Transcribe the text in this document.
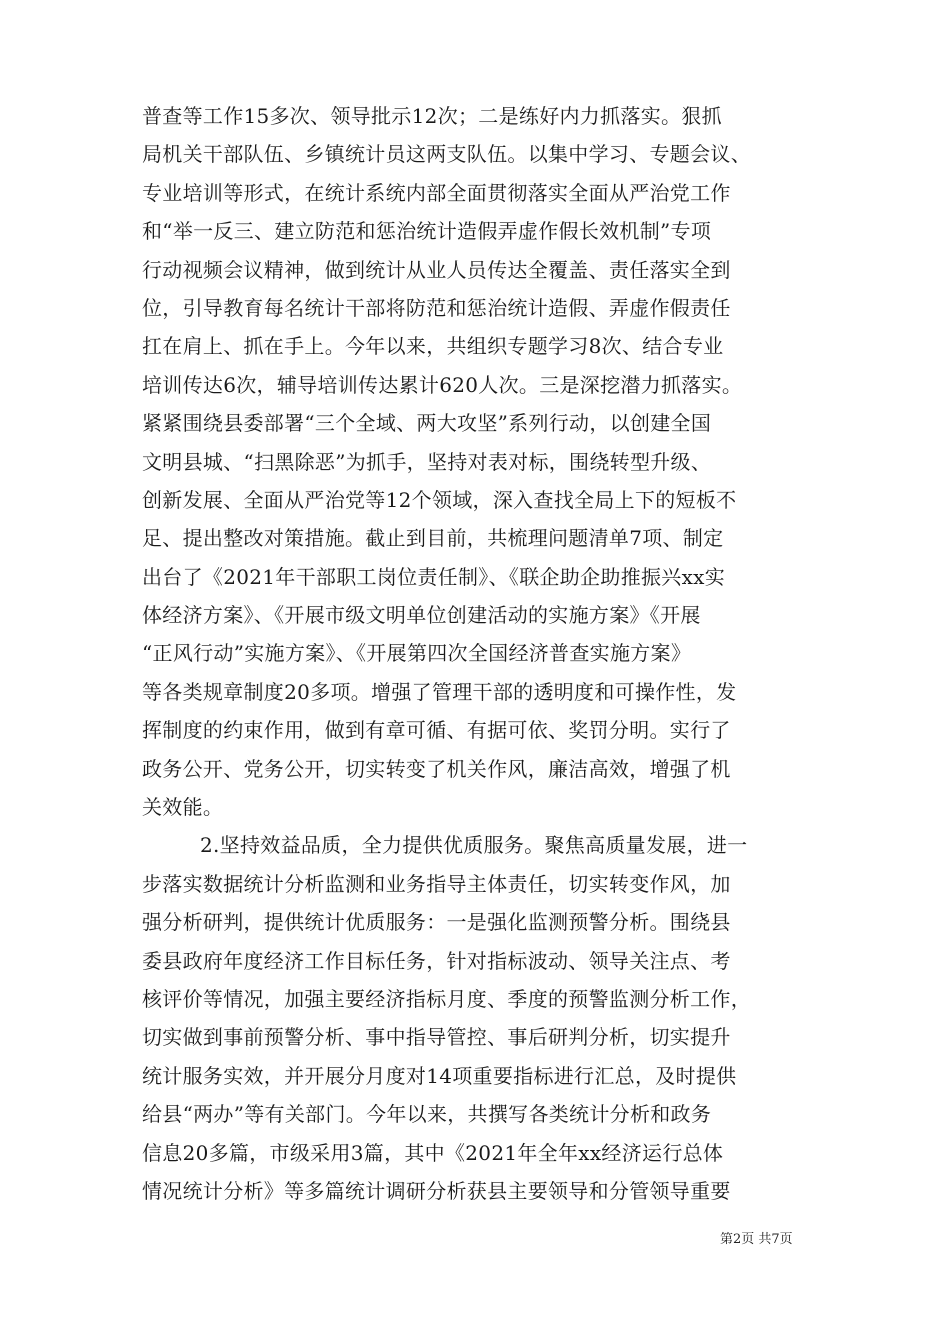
普查等工作15多次、领导批示12次；二是练好内力抓落实。狠抓
局机关干部队伍、乡镇统计员这两支队伍。以集中学习、专题会议、
专业培训等形式，在统计系统内部全面贯彻落实全面从严治党工作
和“举一反三、建立防范和惩治统计造假弄虚作假长效机制”专项
行动视频会议精神，做到统计从业人员传达全覆盖、责任落实全到
位，引导教育每名统计干部将防范和惩治统计造假、弄虚作假责任
扛在肩上、抓在手上。今年以来，共组织专题学习8次、结合专业
培训传达6次，辅导培训传达累计620人次。三是深挖潜力抓落实。
紧紧围绕县委部署“三个全域、两大攻坚”系列行动，以创建全国
文明县城、“扫黑除恶”为抓手，坚持对表对标，围绕转型升级、
创新发展、全面从严治党等12个领域，深入查找全局上下的短板不
足、提出整改对策措施。截止到目前，共梳理问题清单7项、制定
出台了《2021年干部职工岗位责任制》、《联企助企助推振兴xx实
体经济方案》、《开展市级文明单位创建活动的实施方案》《开展
“正风行动”实施方案》、《开展第四次全国经济普查实施方案》
等各类规章制度20多项。增强了管理干部的透明度和可操作性，发
挥制度的约束作用，做到有章可循、有据可依、奖罚分明。实行了
政务公开、党务公开，切实转变了机关作风，廉洁高效，增强了机
关效能。
2.坚持效益品质，全力提供优质服务。聚焦高质量发展，进一
步落实数据统计分析监测和业务指导主体责任，切实转变作风，加
强分析研判，提供统计优质服务：一是强化监测预警分析。围绕县
委县政府年度经济工作目标任务，针对指标波动、领导关注点、考
核评价等情况，加强主要经济指标月度、季度的预警监测分析工作，
切实做到事前预警分析、事中指导管控、事后研判分析，切实提升
统计服务实效，并开展分月度对14项重要指标进行汇总，及时提供
给县“两办”等有关部门。今年以来，共撰写各类统计分析和政务
信息20多篇，市级采用3篇，其中《2021年全年xx经济运行总体
情况统计分析》等多篇统计调研分析获县主要领导和分管领导重要
第2页 共7页
